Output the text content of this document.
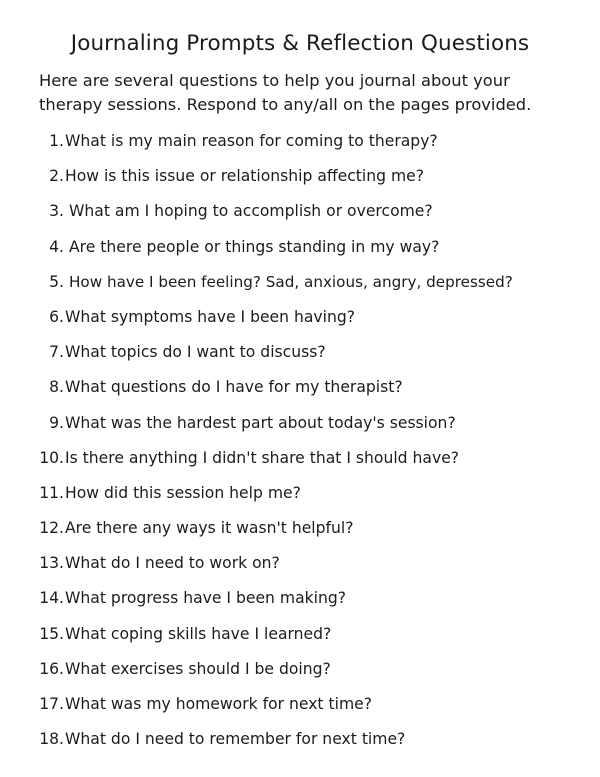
Journaling Prompts & Reflection Questions
Here are several questions to help you journal about your
therapy sessions. Respond to any/all on the pages provided.
1. What is my main reason for coming to therapy?
2. How is this issue or relationship affecting me?
3. What am I hoping to accomplish or overcome?
4. Are there people or things standing in my way?
5. How have I been feeling? Sad, anxious, angry, depressed?
6. What symptoms have I been having?
7. What topics do I want to discuss?
8. What questions do I have for my therapist?
9. What was the hardest part about today's session?
10. Is there anything I didn't share that I should have?
11. How did this session help me?
12. Are there any ways it wasn't helpful?
13. What do I need to work on?
14. What progress have I been making?
15. What coping skills have I learned?
16. What exercises should I be doing?
17. What was my homework for next time?
18. What do I need to remember for next time?
